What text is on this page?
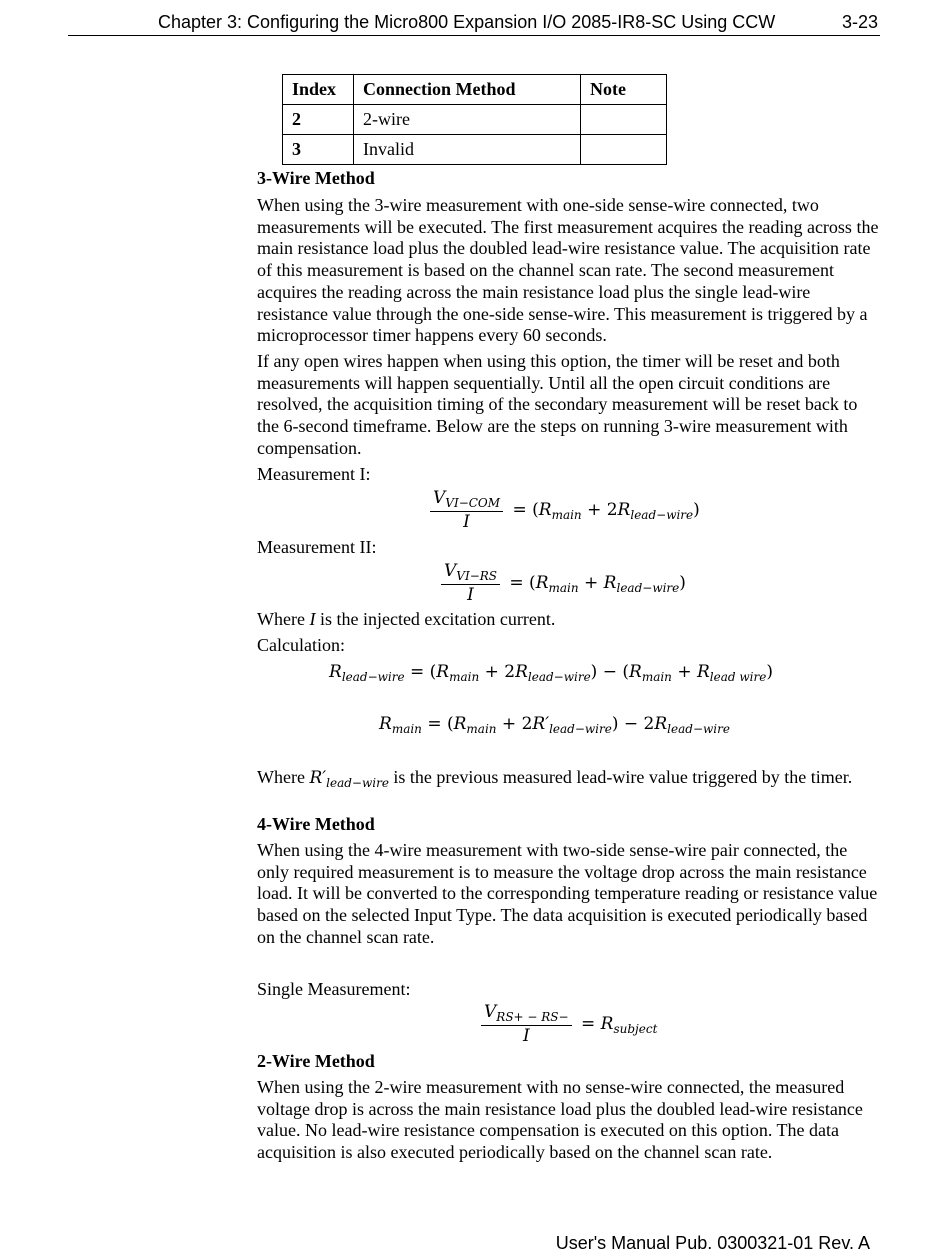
Chapter 3: Configuring the Micro800 Expansion I/O 2085-IR8-SC Using CCW	3-23
Index	Connection Method	Note
2	2-wire	
3	Invalid	
3-Wire Method

When using the 3-wire measurement with one-side sense-wire connected, two measurements will be executed. The first measurement acquires the reading across the main resistance load plus the doubled lead-wire resistance value. The acquisition rate of this measurement is based on the channel scan rate. The second measurement acquires the reading across the main resistance load plus the single lead-wire resistance value through the one-side sense-wire. This measurement is triggered by a microprocessor timer happens every 60 seconds.

If any open wires happen when using this option, the timer will be reset and both measurements will happen sequentially. Until all the open circuit conditions are resolved, the acquisition timing of the secondary measurement will be reset back to the 6-second timeframe. Below are the steps on running 3-wire measurement with compensation.

Measurement I:
$\frac{V_{VI-COM}}{I} = (R_{main} + 2R_{lead-wire})$
Measurement II:
$\frac{V_{VI-RS}}{I} = (R_{main} + R_{lead-wire})$
Where I is the injected excitation current.
Calculation:
$R_{lead-wire} = (R_{main} + 2R_{lead-wire}) - (R_{main} + R_{lead wire})$
$R_{main} = (R_{main} + 2R'_{lead-wire}) - 2R_{lead-wire}$
Where $R'_{lead-wire}$ is the previous measured lead-wire value triggered by the timer.
4-Wire Method

When using the 4-wire measurement with two-side sense-wire pair connected, the only required measurement is to measure the voltage drop across the main resistance load. It will be converted to the corresponding temperature reading or resistance value based on the selected Input Type. The data acquisition is executed periodically based on the channel scan rate.

Single Measurement:
$\frac{V_{RS+ - RS-}}{I} = R_{subject}$
2-Wire Method

When using the 2-wire measurement with no sense-wire connected, the measured voltage drop is across the main resistance load plus the doubled lead-wire resistance value. No lead-wire resistance compensation is executed on this option. The data acquisition is also executed periodically based on the channel scan rate.

User's Manual Pub. 0300321-01 Rev. A
